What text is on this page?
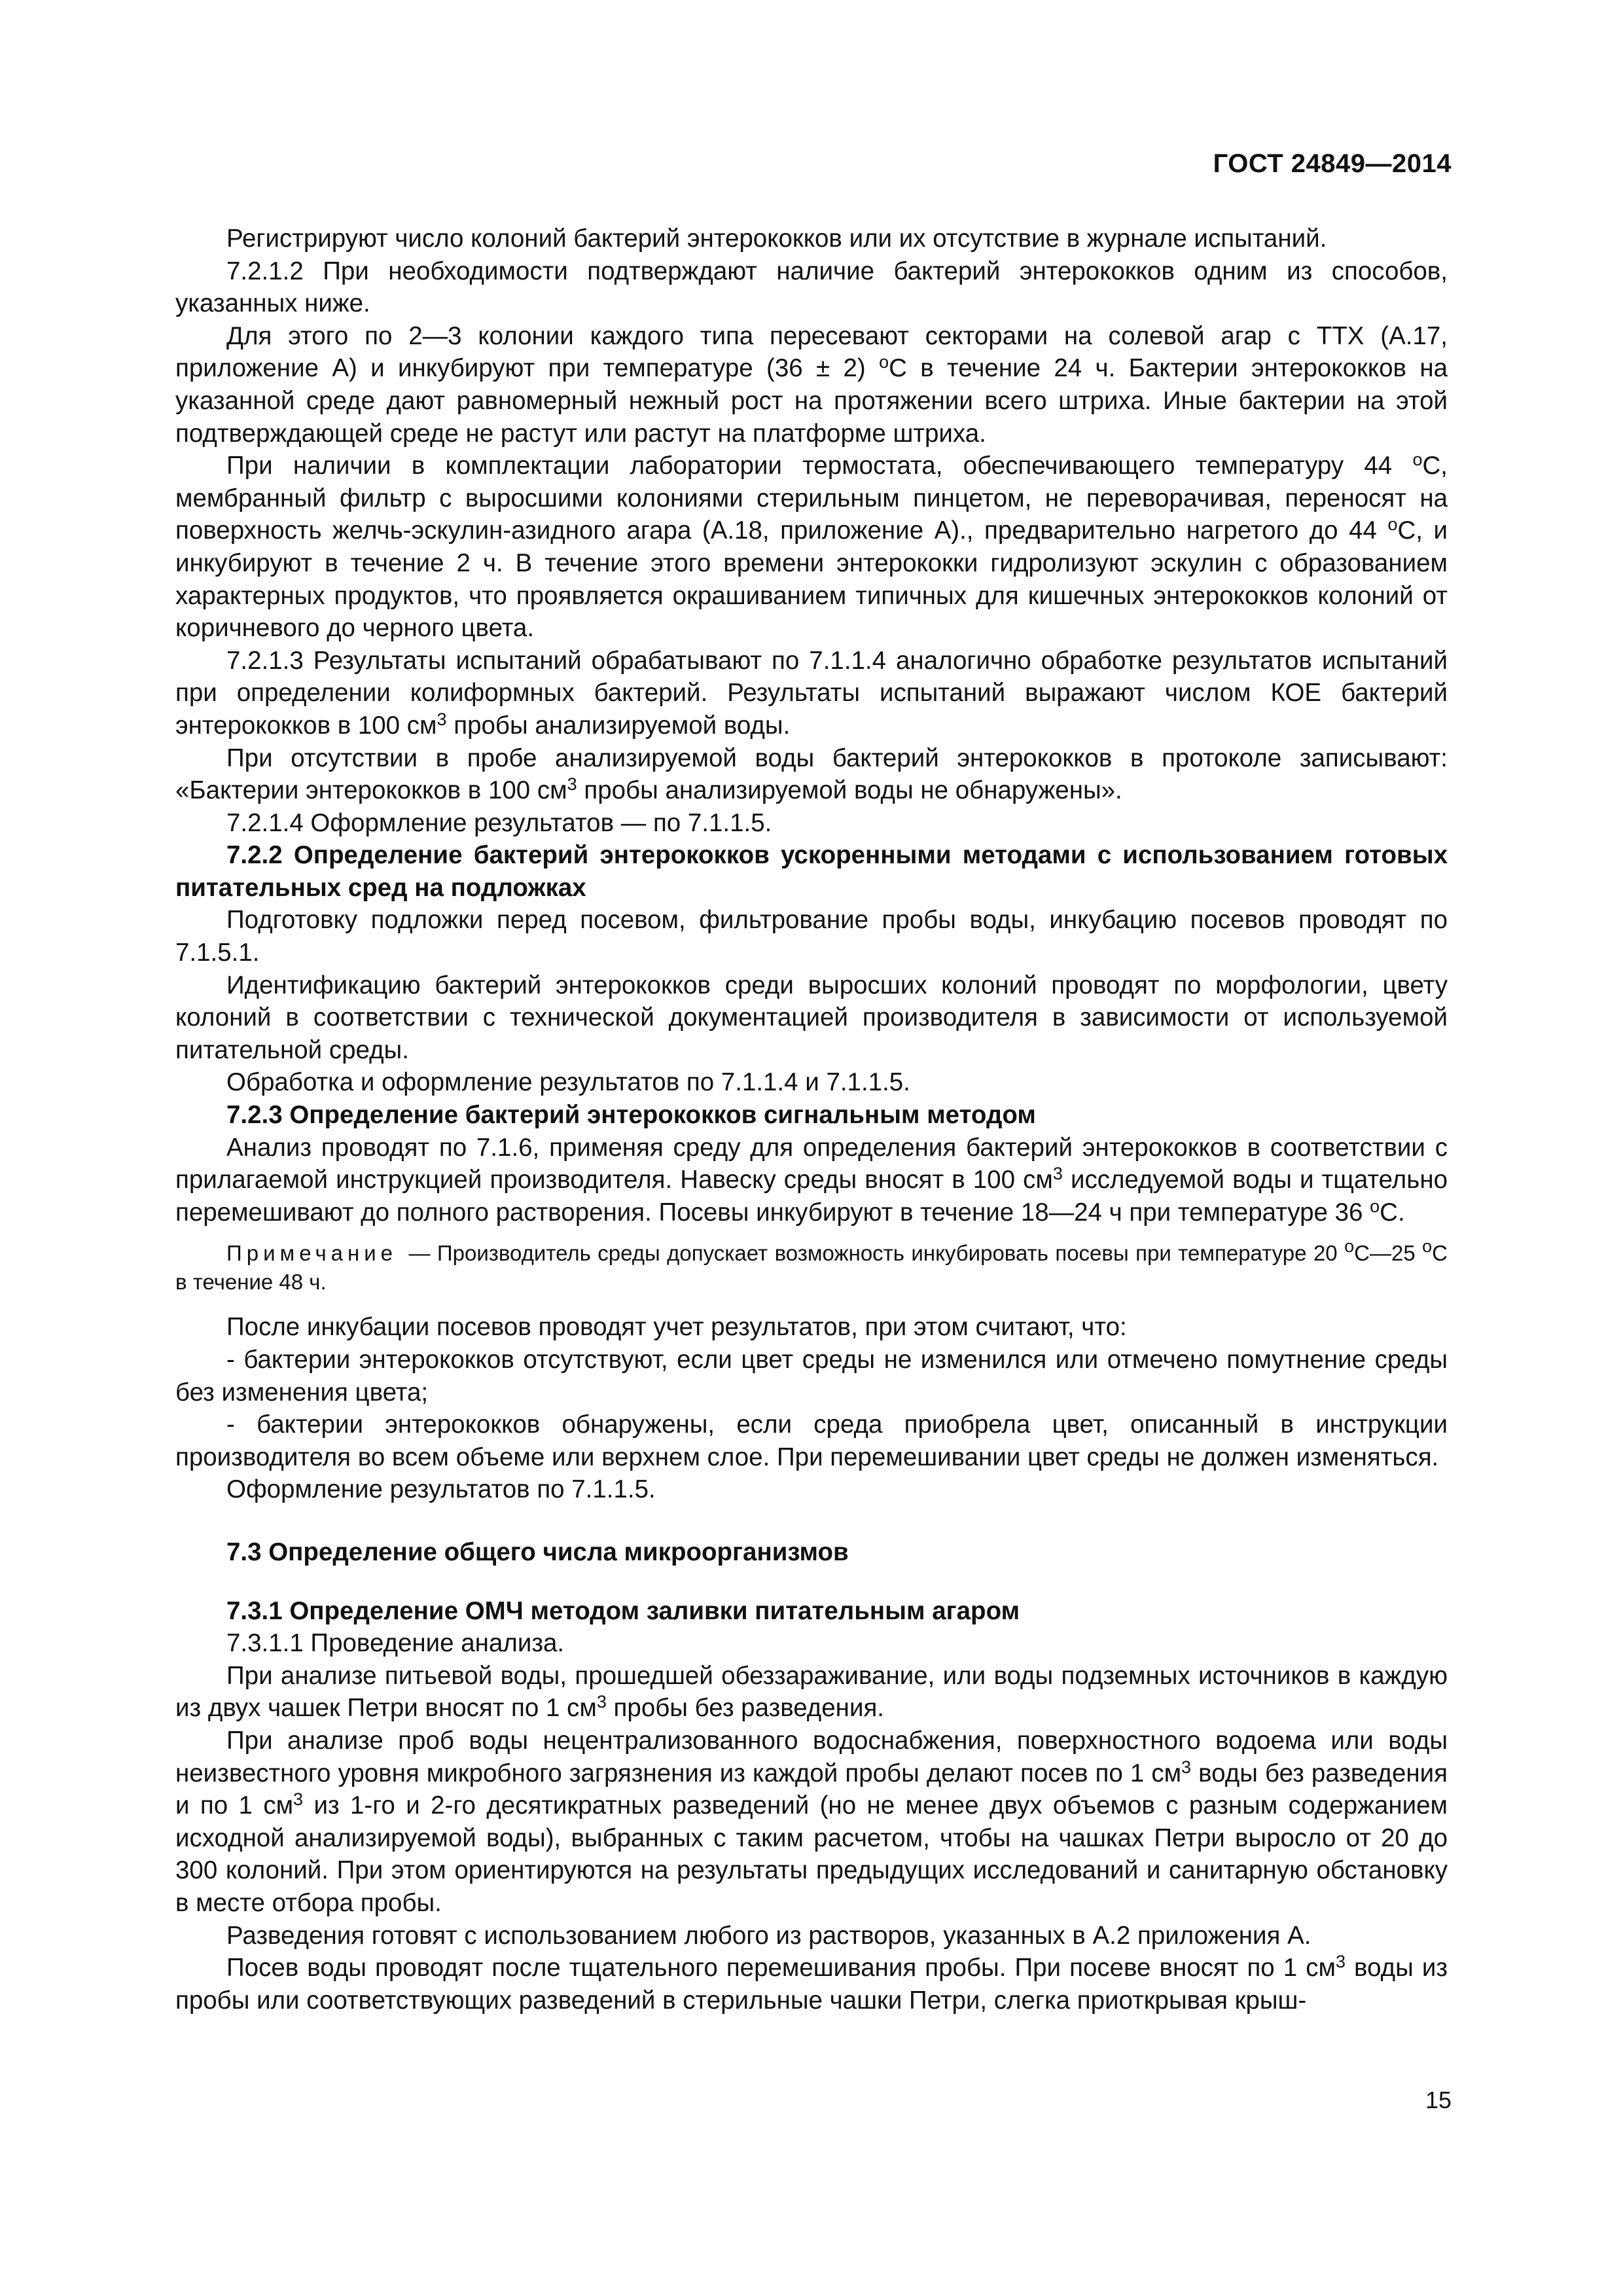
ГОСТ 24849—2014

Регистрируют число колоний бактерий энтерококков или их отсутствие в журнале испытаний.

7.2.1.2 При необходимости подтверждают наличие бактерий энтерококков одним из способов, указанных ниже.

Для этого по 2—3 колонии каждого типа пересевают секторами на солевой агар с ТТХ (А.17, приложение А) и инкубируют при температуре (36 ± 2) $^o$С в течение 24 ч. Бактерии энтерококков на указанной среде дают равномерный нежный рост на протяжении всего штриха. Иные бактерии на этой подтверждающей среде не растут или растут на платформе штриха.

При наличии в комплектации лаборатории термостата, обеспечивающего температуру 44 $^o$С, мембранный фильтр с выросшими колониями стерильным пинцетом, не переворачивая, переносят на поверхность желчь-эскулин-азидного агара (А.18, приложение А)., предварительно нагретого до 44 $^o$С, и инкубируют в течение 2 ч. В течение этого времени энтерококки гидролизуют эскулин с образованием характерных продуктов, что проявляется окрашиванием типичных для кишечных энтерококков колоний от коричневого до черного цвета.

7.2.1.3 Результаты испытаний обрабатывают по 7.1.1.4 аналогично обработке результатов испытаний при определении колиформных бактерий. Результаты испытаний выражают числом КОЕ бактерий энтерококков в 100 $см^3$ пробы анализируемой воды.

При отсутствии в пробе анализируемой воды бактерий энтерококков в протоколе записывают: «Бактерии энтерококков в 100 $см^3$ пробы анализируемой воды не обнаружены».

7.2.1.4 Оформление результатов — по 7.1.1.5.

7.2.2 Определение бактерий энтерококков ускоренными методами с использованием готовых питательных сред на подложках

Подготовку подложки перед посевом, фильтрование пробы воды, инкубацию посевов проводят по 7.1.5.1.

Идентификацию бактерий энтерококков среди выросших колоний проводят по морфологии, цвету колоний в соответствии с технической документацией производителя в зависимости от используемой питательной среды.

Обработка и оформление результатов по 7.1.1.4 и 7.1.1.5.

7.2.3 Определение бактерий энтерококков сигнальным методом

Анализ проводят по 7.1.6, применяя среду для определения бактерий энтерококков в соответствии с прилагаемой инструкцией производителя. Навеску среды вносят в 100 $см^3$ исследуемой воды и тщательно перемешивают до полного растворения. Посевы инкубируют в течение 18—24 ч при температуре 36 $^o$С.

Примечание — Производитель среды допускает возможность инкубировать посевы при температуре 20 $^o$С—25 $^o$С в течение 48 ч.

После инкубации посевов проводят учет результатов, при этом считают, что:

- бактерии энтерококков отсутствуют, если цвет среды не изменился или отмечено помутнение среды без изменения цвета;

- бактерии энтерококков обнаружены, если среда приобрела цвет, описанный в инструкции производителя во всем объеме или верхнем слое. При перемешивании цвет среды не должен изменяться.

Оформление результатов по 7.1.1.5.

7.3 Определение общего числа микроорганизмов

7.3.1 Определение ОМЧ методом заливки питательным агаром

7.3.1.1 Проведение анализа.

При анализе питьевой воды, прошедшей обеззараживание, или воды подземных источников в каждую из двух чашек Петри вносят по 1 $см^3$ пробы без разведения.

При анализе проб воды нецентрализованного водоснабжения, поверхностного водоема или воды неизвестного уровня микробного загрязнения из каждой пробы делают посев по 1 $см^3$ воды без разведения и по 1 $см^3$ из 1-го и 2-го десятикратных разведений (но не менее двух объемов с разным содержанием исходной анализируемой воды), выбранных с таким расчетом, чтобы на чашках Петри выросло от 20 до 300 колоний. При этом ориентируются на результаты предыдущих исследований и санитарную обстановку в месте отбора пробы.

Разведения готовят с использованием любого из растворов, указанных в А.2 приложения А.

Посев воды проводят после тщательного перемешивания пробы. При посеве вносят по 1 $см^3$ воды из пробы или соответствующих разведений в стерильные чашки Петри, слегка приоткрывая крыш-

15
